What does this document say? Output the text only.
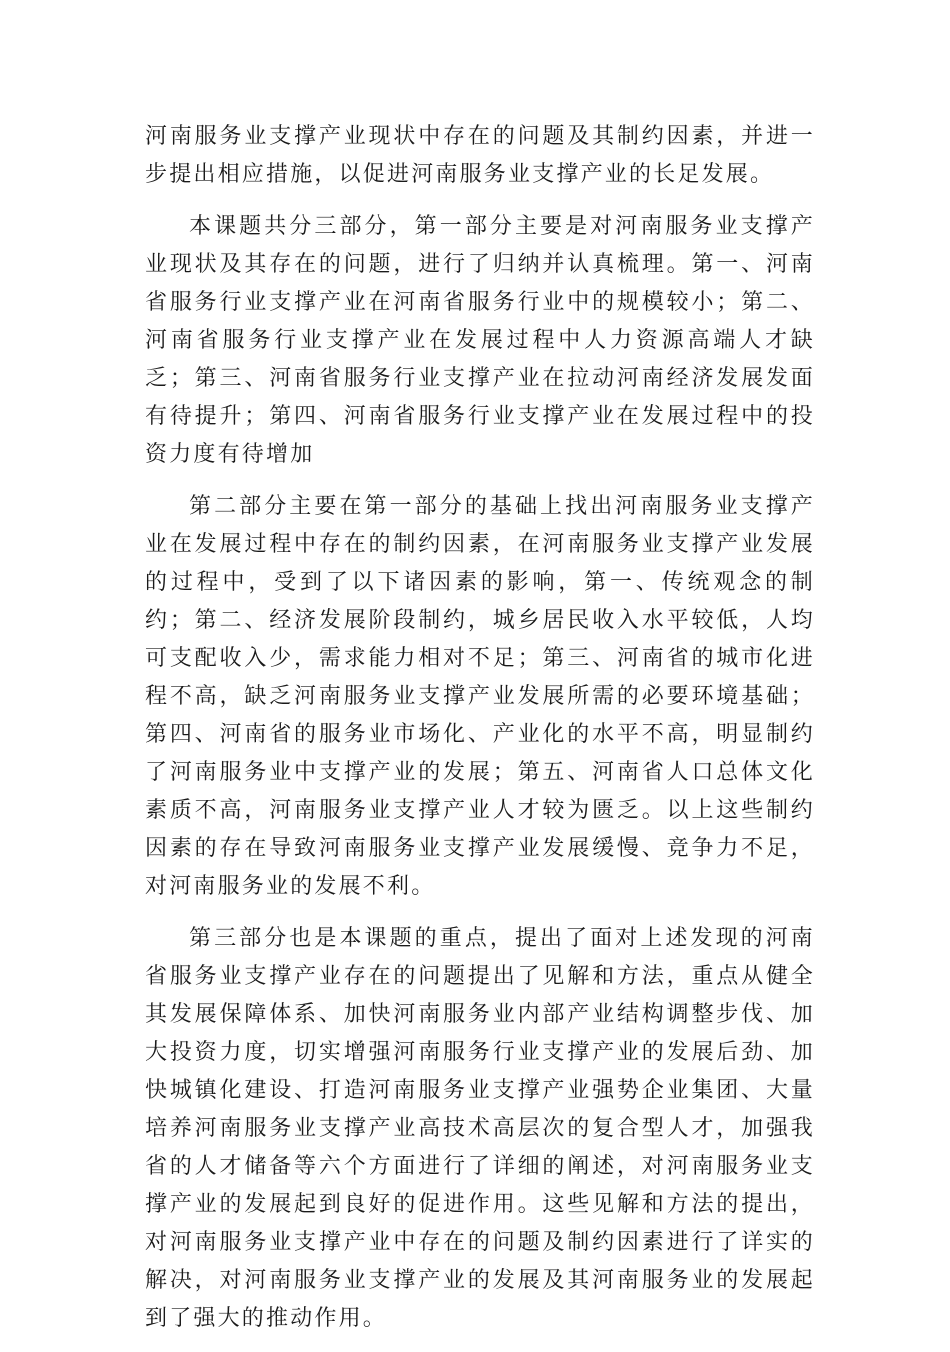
河南服务业支撑产业现状中存在的问题及其制约因素，并进一步提出相应措施，以促进河南服务业支撑产业的长足发展。

本课题共分三部分，第一部分主要是对河南服务业支撑产业现状及其存在的问题，进行了归纳并认真梳理。第一、河南省服务行业支撑产业在河南省服务行业中的规模较小；第二、河南省服务行业支撑产业在发展过程中人力资源高端人才缺乏；第三、河南省服务行业支撑产业在拉动河南经济发展发面有待提升；第四、河南省服务行业支撑产业在发展过程中的投资力度有待增加

第二部分主要在第一部分的基础上找出河南服务业支撑产业在发展过程中存在的制约因素，在河南服务业支撑产业发展的过程中，受到了以下诸因素的影响，第一、传统观念的制约；第二、经济发展阶段制约，城乡居民收入水平较低，人均可支配收入少，需求能力相对不足；第三、河南省的城市化进程不高，缺乏河南服务业支撑产业发展所需的必要环境基础；第四、河南省的服务业市场化、产业化的水平不高，明显制约了河南服务业中支撑产业的发展；第五、河南省人口总体文化素质不高，河南服务业支撑产业人才较为匮乏。以上这些制约因素的存在导致河南服务业支撑产业发展缓慢、竞争力不足，对河南服务业的发展不利。

第三部分也是本课题的重点，提出了面对上述发现的河南省服务业支撑产业存在的问题提出了见解和方法，重点从健全其发展保障体系、加快河南服务业内部产业结构调整步伐、加大投资力度，切实增强河南服务行业支撑产业的发展后劲、加快城镇化建设、打造河南服务业支撑产业强势企业集团、大量培养河南服务业支撑产业高技术高层次的复合型人才，加强我省的人才储备等六个方面进行了详细的阐述，对河南服务业支撑产业的发展起到良好的促进作用。这些见解和方法的提出，对河南服务业支撑产业中存在的问题及制约因素进行了详实的解决，对河南服务业支撑产业的发展及其河南服务业的发展起到了强大的推动作用。
